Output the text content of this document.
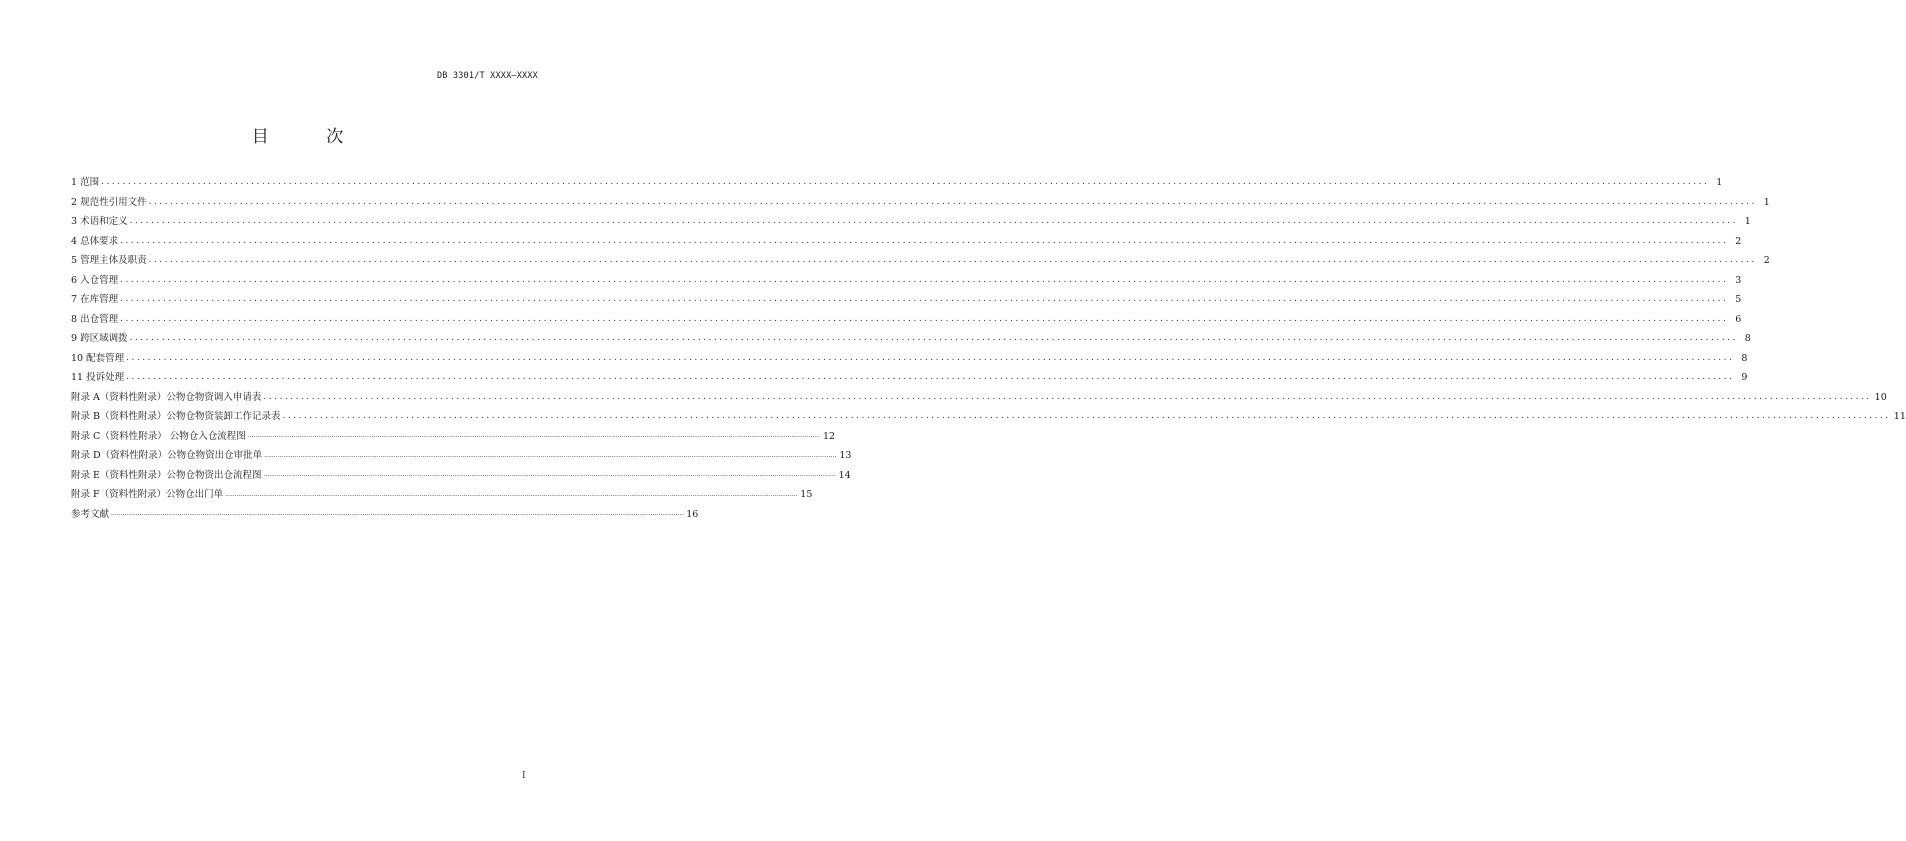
DB 3301/T XXXX—XXXX
目 次
1 范围 ............................................................................................................................................................................................................................................................................................................ 1
2 规范性引用文件 ............................................................................................................................................................................................................................................................................................................ 1
3 术语和定义 ............................................................................................................................................................................................................................................................................................................ 1
4 总体要求 ............................................................................................................................................................................................................................................................................................................ 2
5 管理主体及职责 ............................................................................................................................................................................................................................................................................................................ 2
6 入仓管理 ............................................................................................................................................................................................................................................................................................................ 3
7 在库管理 ............................................................................................................................................................................................................................................................................................................ 5
8 出仓管理 ............................................................................................................................................................................................................................................................................................................ 6
9 跨区域调拨 ............................................................................................................................................................................................................................................................................................................ 8
10 配套管理 ............................................................................................................................................................................................................................................................................................................ 8
11 投诉处理 ............................................................................................................................................................................................................................................................................................................ 9
附录 A（资料性附录）公物仓物资调入申请表 ............................................................................................................................................................................................................................................................................................................ 10
附录 B（资料性附录）公物仓物资装卸工作记录表 ............................................................................................................................................................................................................................................................................................................ 11
附录 C（资料性附录） 公物仓入仓流程图 ............................................................................................................................................................................................................................................................................................................ 12
附录 D（资料性附录）公物仓物资出仓审批单 ............................................................................................................................................................................................................................................................................................................ 13
附录 E（资料性附录）公物仓物资出仓流程图 ............................................................................................................................................................................................................................................................................................................ 14
附录 F（资料性附录）公物仓出门单 ............................................................................................................................................................................................................................................................................................................ 15
参考文献 ............................................................................................................................................................................................................................................................................................................ 16
I
